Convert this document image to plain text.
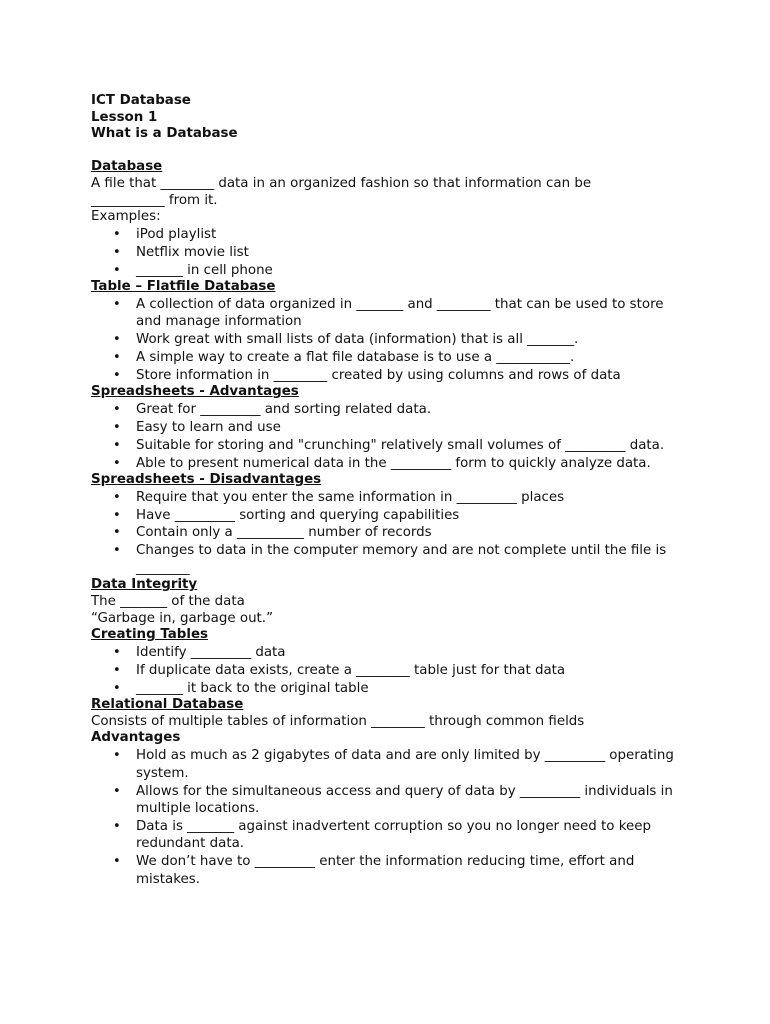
ICT Database
Lesson 1
What is a Database
Database
A file that ________ data in an organized fashion so that information can be
___________ from it.
Examples:
• iPod playlist
• Netflix movie list
• _______ in cell phone
Table – Flatfile Database
• A collection of data organized in _______ and ________ that can be used to store and manage information
• Work great with small lists of data (information) that is all _______.
• A simple way to create a flat file database is to use a ___________.
• Store information in ________ created by using columns and rows of data
Spreadsheets - Advantages
• Great for _________ and sorting related data.
• Easy to learn and use
• Suitable for storing and "crunching" relatively small volumes of _________ data.
• Able to present numerical data in the _________ form to quickly analyze data.
Spreadsheets - Disadvantages
• Require that you enter the same information in _________ places
• Have _________ sorting and querying capabilities
• Contain only a __________ number of records
• Changes to data in the computer memory and are not complete until the file is ________
Data Integrity
The _______ of the data
“Garbage in, garbage out.”
Creating Tables
• Identify _________ data
• If duplicate data exists, create a ________ table just for that data
• _______ it back to the original table
Relational Database
Consists of multiple tables of information ________ through common fields
Advantages
• Hold as much as 2 gigabytes of data and are only limited by _________ operating system.
• Allows for the simultaneous access and query of data by _________ individuals in multiple locations.
• Data is _______ against inadvertent corruption so you no longer need to keep redundant data.
• We don’t have to _________ enter the information reducing time, effort and mistakes.
